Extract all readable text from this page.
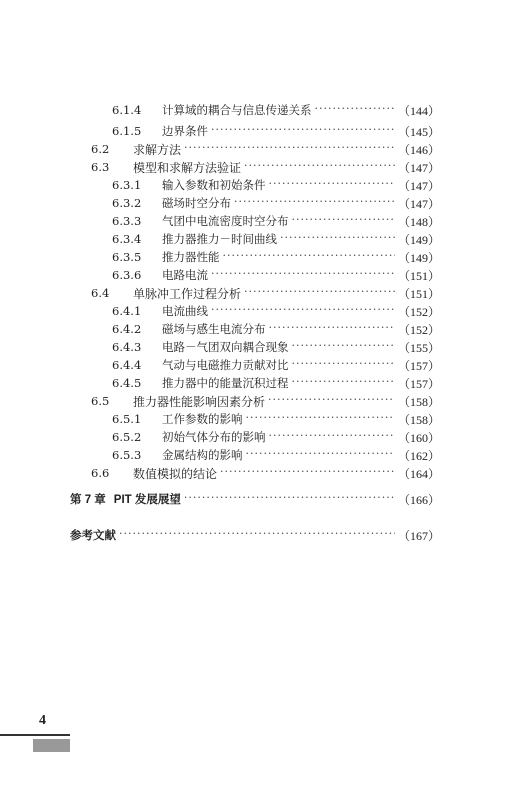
6.1.4	计算域的耦合与信息传递关系 ·····	（144）
6.1.5	边界条件 ·····	（145）
6.2	求解方法 ·····	（146）
6.3	模型和求解方法验证 ·····	（147）
6.3.1	输入参数和初始条件 ·····	（147）
6.3.2	磁场时空分布 ·····	（147）
6.3.3	气团中电流密度时空分布 ·····	（148）
6.3.4	推力器推力－时间曲线 ·····	（149）
6.3.5	推力器性能 ·····	（149）
6.3.6	电路电流 ·····	（151）
6.4	单脉冲工作过程分析 ·····	（151）
6.4.1	电流曲线 ·····	（152）
6.4.2	磁场与感生电流分布 ·····	（152）
6.4.3	电路－气团双向耦合现象 ·····	（155）
6.4.4	气动与电磁推力贡献对比 ·····	（157）
6.4.5	推力器中的能量沉积过程 ·····	（157）
6.5	推力器性能影响因素分析 ·····	（158）
6.5.1	工作参数的影响 ·····	（158）
6.5.2	初始气体分布的影响 ·····	（160）
6.5.3	金属结构的影响 ·····	（162）
6.6	数值模拟的结论 ·····	（164）
第 7 章 PIT 发展展望 ·····	（166）
参考文献 ·····	（167）
4
